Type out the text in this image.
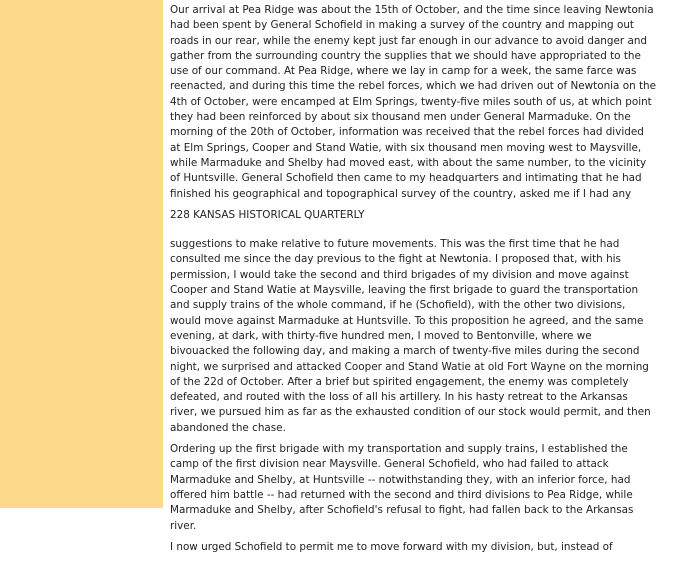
Our arrival at Pea Ridge was about the 15th of October, and the time since leaving Newtonia
had been spent by General Schofield in making a survey of the country and mapping out
roads in our rear, while the enemy kept just far enough in our advance to avoid danger and
gather from the surrounding country the supplies that we should have appropriated to the
use of our command. At Pea Ridge, where we lay in camp for a week, the same farce was
reenacted, and during this time the rebel forces, which we had driven out of Newtonia on the
4th of October, were encamped at Elm Springs, twenty-five miles south of us, at which point
they had been reinforced by about six thousand men under General Marmaduke. On the
morning of the 20th of October, information was received that the rebel forces had divided
at Elm Springs, Cooper and Stand Watie, with six thousand men moving west to Maysville,
while Marmaduke and Shelby had moved east, with about the same number, to the vicinity
of Huntsville. General Schofield then came to my headquarters and intimating that he had
finished his geographical and topographical survey of the country, asked me if I had any

228 KANSAS HISTORICAL QUARTERLY

suggestions to make relative to future movements. This was the first time that he had
consulted me since the day previous to the fight at Newtonia. I proposed that, with his
permission, I would take the second and third brigades of my division and move against
Cooper and Stand Watie at Maysville, leaving the first brigade to guard the transportation
and supply trains of the whole command, if he (Schofield), with the other two divisions,
would move against Marmaduke at Huntsville. To this proposition he agreed, and the same
evening, at dark, with thirty-five hundred men, I moved to Bentonville, where we
bivouacked the following day, and making a march of twenty-five miles during the second
night, we surprised and attacked Cooper and Stand Watie at old Fort Wayne on the morning
of the 22d of October. After a brief but spirited engagement, the enemy was completely
defeated, and routed with the loss of all his artillery. In his hasty retreat to the Arkansas
river, we pursued him as far as the exhausted condition of our stock would permit, and then
abandoned the chase.

Ordering up the first brigade with my transportation and supply trains, I established the
camp of the first division near Maysville. General Schofield, who had failed to attack
Marmaduke and Shelby, at Huntsville -- notwithstanding they, with an inferior force, had
offered him battle -- had returned with the second and third divisions to Pea Ridge, while
Marmaduke and Shelby, after Schofield's refusal to fight, had fallen back to the Arkansas
river.

I now urged Schofield to permit me to move forward with my division, but, instead of
